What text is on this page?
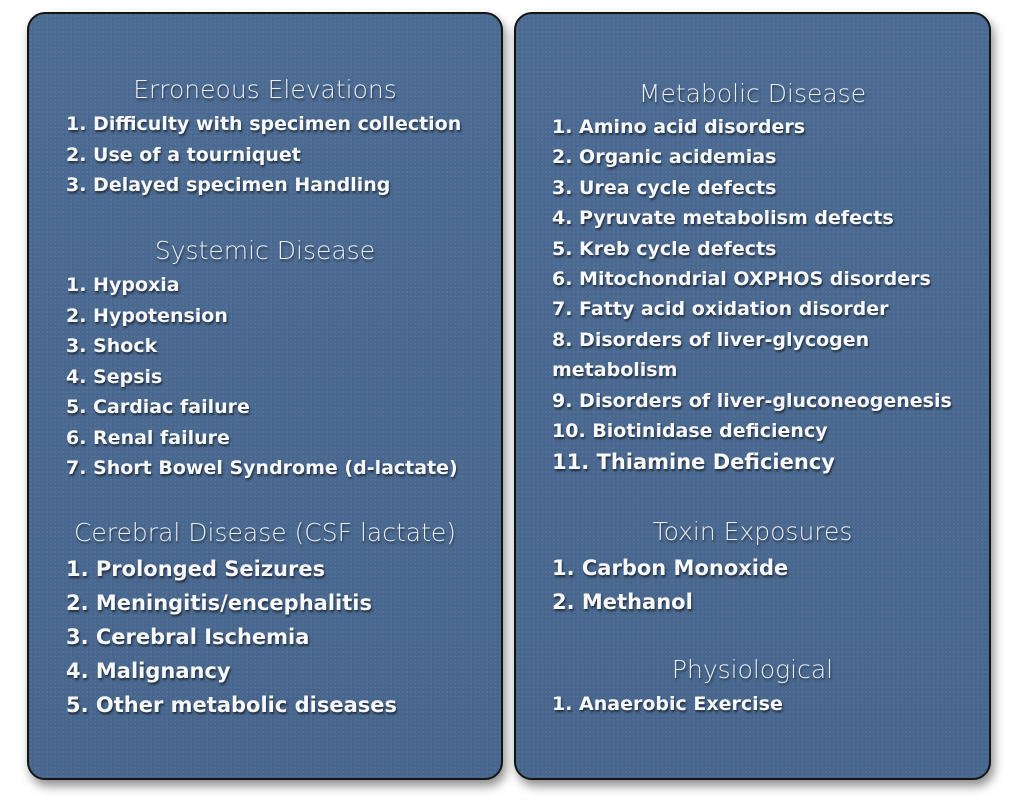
Erroneous Elevations
1. Difficulty with specimen collection
2. Use of a tourniquet
3. Delayed specimen Handling
Systemic Disease
1. Hypoxia
2. Hypotension
3. Shock
4. Sepsis
5. Cardiac failure
6. Renal failure
7. Short Bowel Syndrome (d-lactate)
Cerebral Disease (CSF lactate)
1. Prolonged Seizures
2. Meningitis/encephalitis
3. Cerebral Ischemia
4. Malignancy
5. Other metabolic diseases
Metabolic Disease
1. Amino acid disorders
2. Organic acidemias
3. Urea cycle defects
4. Pyruvate metabolism defects
5. Kreb cycle defects
6. Mitochondrial OXPHOS disorders
7. Fatty acid oxidation disorder
8. Disorders of liver-glycogen metabolism
9. Disorders of liver-gluconeogenesis
10. Biotinidase deficiency
11. Thiamine Deficiency
Toxin Exposures
1. Carbon Monoxide
2. Methanol
Physiological
1. Anaerobic Exercise
